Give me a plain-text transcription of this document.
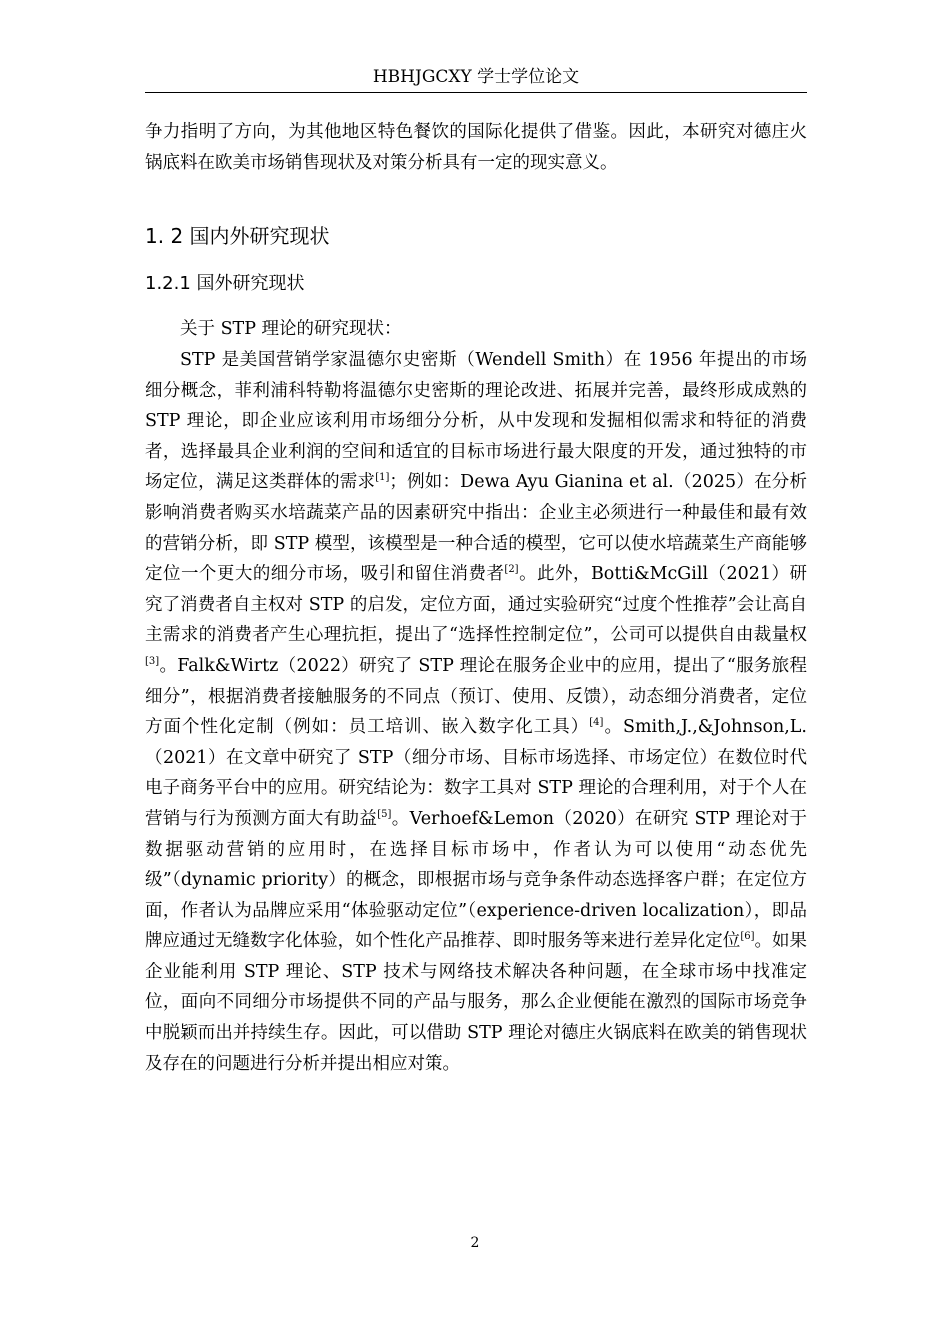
HBHJGCXY 学士学位论文

争力指明了方向，为其他地区特色餐饮的国际化提供了借鉴。因此，本研究对德庄火锅底料在欧美市场销售现状及对策分析具有一定的现实意义。

1. 2 国内外研究现状
1.2.1 国外研究现状

关于 STP 理论的研究现状：

STP 是美国营销学家温德尔史密斯（Wendell Smith）在 1956 年提出的市场细分概念，菲利浦科特勒将温德尔史密斯的理论改进、拓展并完善，最终形成成熟的 STP 理论，即企业应该利用市场细分分析，从中发现和发掘相似需求和特征的消费者，选择最具企业利润的空间和适宜的目标市场进行最大限度的开发，通过独特的市场定位，满足这类群体的需求[1]；例如：Dewa Ayu Gianina et al.（2025）在分析影响消费者购买水培蔬菜产品的因素研究中指出：企业主必须进行一种最佳和最有效的营销分析，即 STP 模型，该模型是一种合适的模型，它可以使水培蔬菜生产商能够定位一个更大的细分市场，吸引和留住消费者[2]。此外，Botti&McGill（2021）研究了消费者自主权对 STP 的启发，定位方面，通过实验研究“过度个性推荐”会让高自主需求的消费者产生心理抗拒，提出了“选择性控制定位”，公司可以提供自由裁量权[3]。Falk&Wirtz（2022）研究了 STP 理论在服务企业中的应用，提出了“服务旅程细分”，根据消费者接触服务的不同点（预订、使用、反馈），动态细分消费者，定位方面个性化定制（例如：员工培训、嵌入数字化工具）[4]。Smith,J.,&Johnson,L.（2021）在文章中研究了 STP（细分市场、目标市场选择、市场定位）在数位时代电子商务平台中的应用。研究结论为：数字工具对 STP 理论的合理利用，对于个人在营销与行为预测方面大有助益[5]。Verhoef&Lemon（2020）在研究 STP 理论对于数据驱动营销的应用时，在选择目标市场中，作者认为可以使用“动态优先级”（dynamic priority）的概念，即根据市场与竞争条件动态选择客户群；在定位方面，作者认为品牌应采用“体验驱动定位”（experience-driven localization），即品牌应通过无缝数字化体验，如个性化产品推荐、即时服务等来进行差异化定位[6]。如果企业能利用 STP 理论、STP 技术与网络技术解决各种问题，在全球市场中找准定位，面向不同细分市场提供不同的产品与服务，那么企业便能在激烈的国际市场竞争中脱颖而出并持续生存。因此，可以借助 STP 理论对德庄火锅底料在欧美的销售现状及存在的问题进行分析并提出相应对策。

2
